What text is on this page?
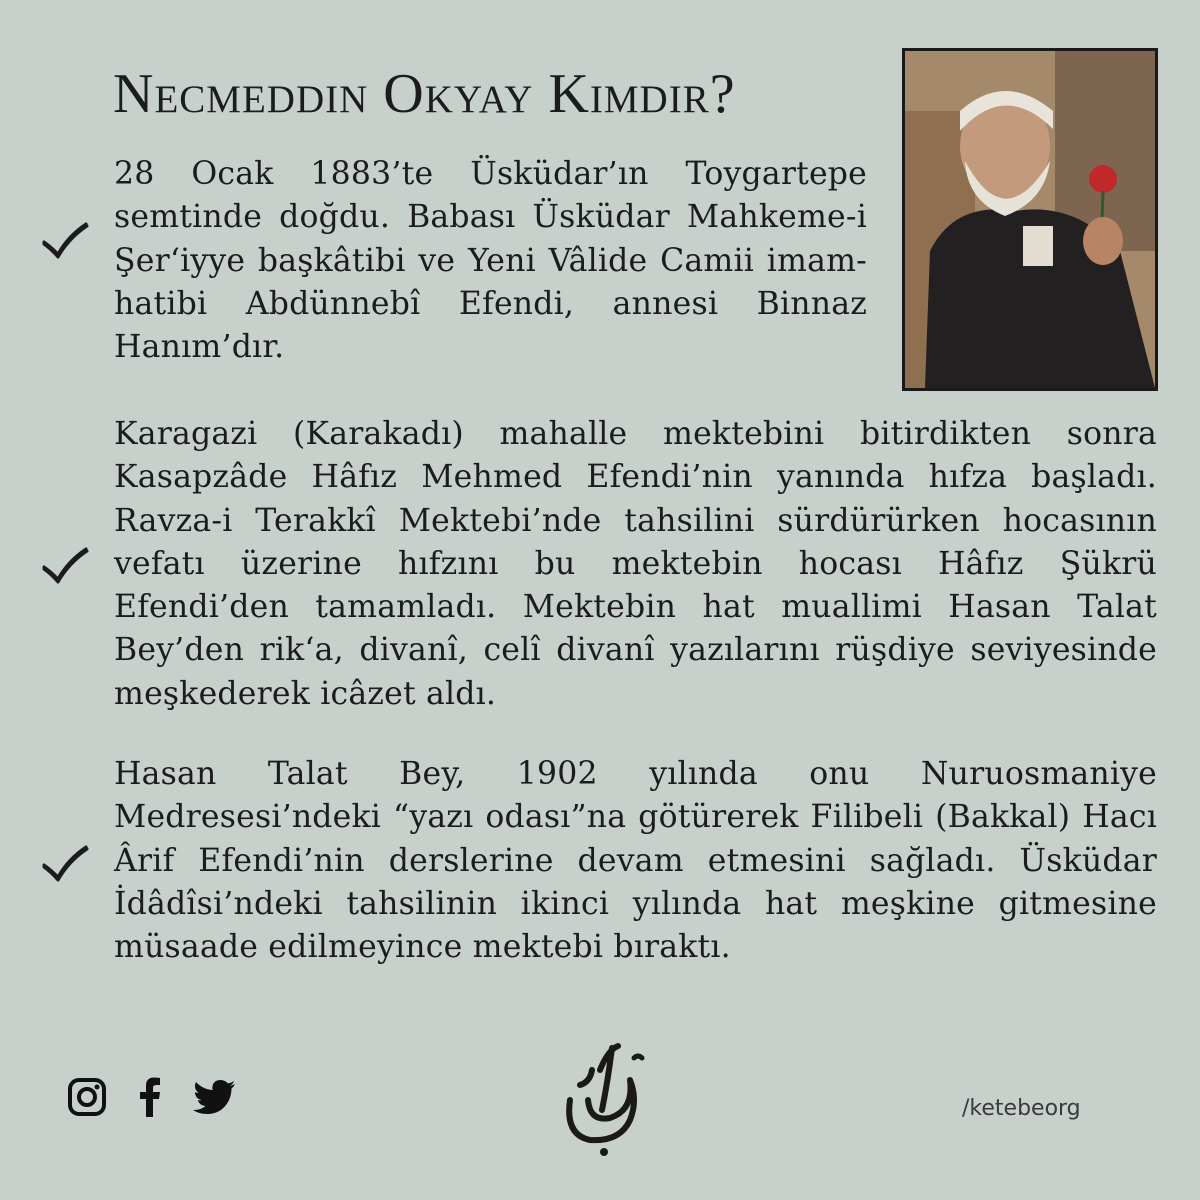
Necmeddin Okyay Kimdir?

28 Ocak 1883’te Üsküdar’ın Toygartepe semtinde doğdu. Babası Üsküdar Mahkeme-i Şer‘iyye başkâtibi ve Yeni Vâlide Camii imam-hatibi Abdünnebî Efendi, annesi Binnaz Hanım’dır.

Karagazi (Karakadı) mahalle mektebini bitirdikten sonra Kasapzâde Hâfız Mehmed Efendi’nin yanında hıfza başladı. Ravza-i Terakkî Mektebi’nde tahsilini sürdürürken hocasının vefatı üzerine hıfzını bu mektebin hocası Hâfız Şükrü Efendi’den tamamladı. Mektebin hat muallimi Hasan Talat Bey’den rik‘a, divanî, celî divanî yazılarını rüşdiye seviyesinde meşkederek icâzet aldı.

Hasan Talat Bey, 1902 yılında onu Nuruosmaniye Medresesi’ndeki “yazı odası”na götürerek Filibeli (Bakkal) Hacı Ârif Efendi’nin derslerine devam etmesini sağladı. Üsküdar İdâdîsi’ndeki tahsilinin ikinci yılında hat meşkine gitmesine müsaade edilmeyince mektebi bıraktı.

/ketebeorg
